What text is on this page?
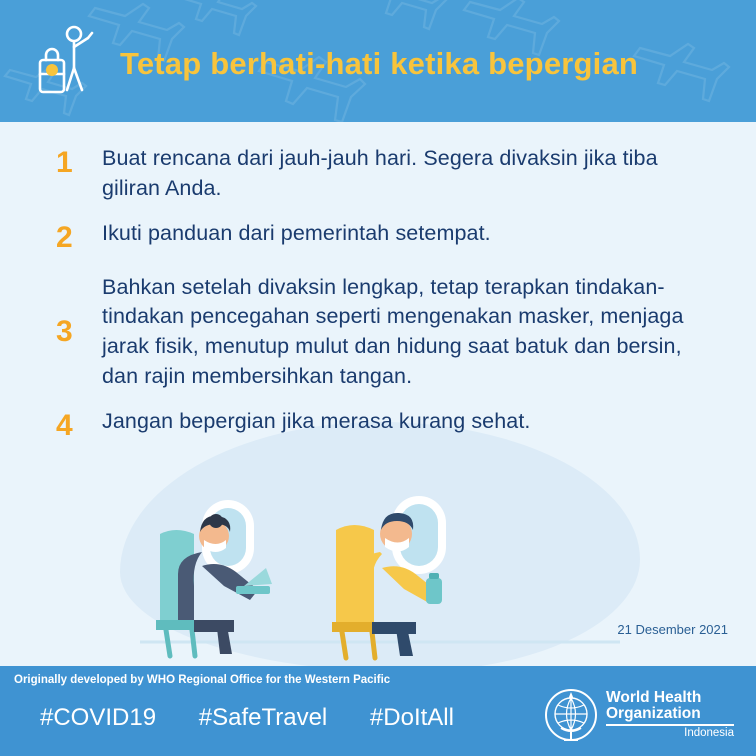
Tetap berhati-hati ketika bepergian
1	Buat rencana dari jauh-jauh hari. Segera divaksin jika tiba giliran Anda.
2	Ikuti panduan dari pemerintah setempat.
3
Bahkan setelah divaksin lengkap, tetap terapkan tindakan-tindakan pencegahan seperti mengenakan masker, menjaga jarak fisik, menutup mulut dan hidung saat batuk dan bersin, dan rajin membersihkan tangan.
4	Jangan bepergian jika merasa kurang sehat.
21 Desember 2021
Originally developed by WHO Regional Office for the Western Pacific
#COVID19 #SafeTravel #DoItAll
World Health
Organization
Indonesia
